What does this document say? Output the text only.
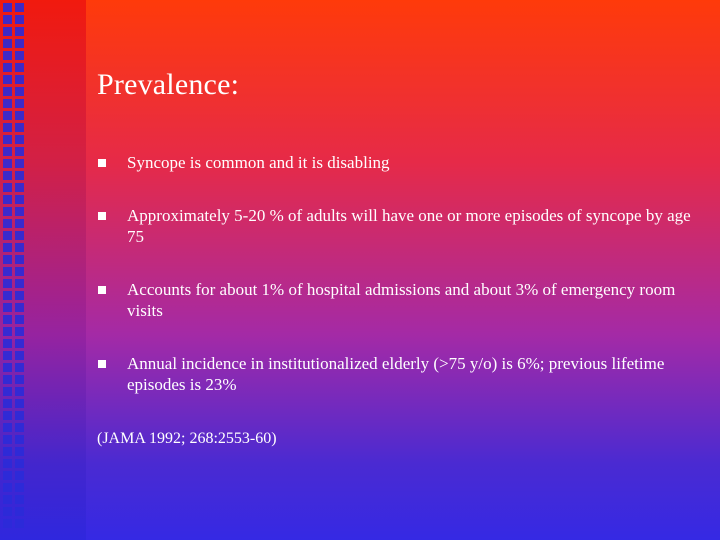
Prevalence:
Syncope is common and it is disabling
Approximately 5-20 % of adults will have one or more episodes of syncope by age 75
Accounts for about 1% of hospital admissions and about 3% of emergency room visits
Annual incidence in institutionalized elderly (>75 y/o) is 6%; previous lifetime episodes is 23%
(JAMA 1992; 268:2553-60)
